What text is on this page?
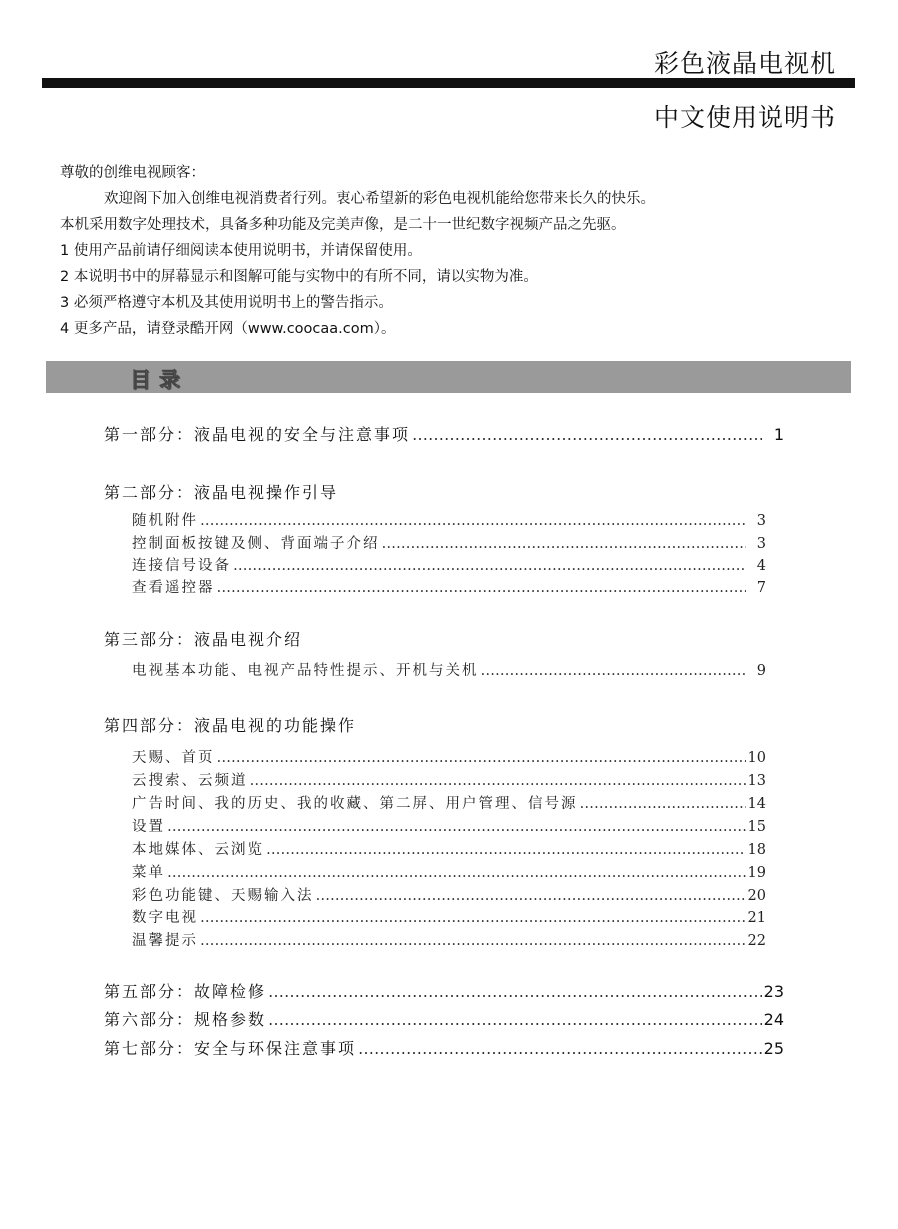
彩色液晶电视机
中文使用说明书
尊敬的创维电视顾客：
欢迎阁下加入创维电视消费者行列。衷心希望新的彩色电视机能给您带来长久的快乐。
本机采用数字处理技术，具备多种功能及完美声像，是二十一世纪数字视频产品之先驱。
1 使用产品前请仔细阅读本使用说明书，并请保留使用。
2 本说明书中的屏幕显示和图解可能与实物中的有所不同，请以实物为准。
3 必须严格遵守本机及其使用说明书上的警告指示。
4 更多产品，请登录酷开网（www.coocaa.com）。
目录
第一部分：液晶电视的安全与注意事项 …………………………………………………………………………………………………………………………………………………………………………………………………………………	1
第二部分：液晶电视操作引导
随机附件 …………………………………………………………………………………………………………………………………………………………………………………………………………………	3
控制面板按键及侧、背面端子介绍 …………………………………………………………………………………………………………………………………………………………………………………………………………………	3
连接信号设备 …………………………………………………………………………………………………………………………………………………………………………………………………………………	4
查看遥控器 …………………………………………………………………………………………………………………………………………………………………………………………………………………	7
第三部分：液晶电视介绍
电视基本功能、电视产品特性提示、开机与关机 …………………………………………………………………………………………………………………………………………………………………………………………………………………	9
第四部分：液晶电视的功能操作
天赐、首页 …………………………………………………………………………………………………………………………………………………………………………………………………………………	10
云搜索、云频道 …………………………………………………………………………………………………………………………………………………………………………………………………………………	13
广告时间、我的历史、我的收藏、第二屏、用户管理、信号源 …………………………………………………………………………………………………………………………………………………………………………………………………………………	14
设置 …………………………………………………………………………………………………………………………………………………………………………………………………………………	15
本地媒体、云浏览 …………………………………………………………………………………………………………………………………………………………………………………………………………………	18
菜单 …………………………………………………………………………………………………………………………………………………………………………………………………………………	19
彩色功能键、天赐输入法 …………………………………………………………………………………………………………………………………………………………………………………………………………………	20
数字电视 …………………………………………………………………………………………………………………………………………………………………………………………………………………	21
温馨提示 …………………………………………………………………………………………………………………………………………………………………………………………………………………	22
第五部分：故障检修 …………………………………………………………………………………………………………………………………………………………………………………………………………………	23
第六部分：规格参数 …………………………………………………………………………………………………………………………………………………………………………………………………………………	24
第七部分：安全与环保注意事项 …………………………………………………………………………………………………………………………………………………………………………………………………………………	25
